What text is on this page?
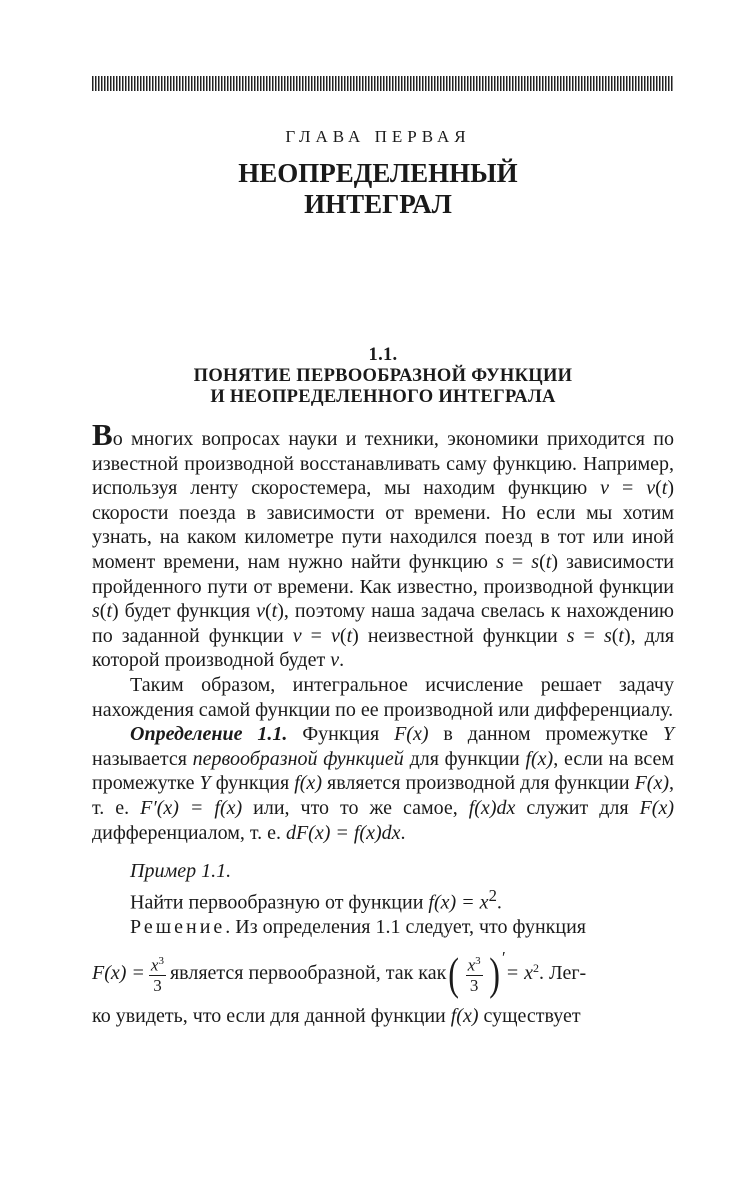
ГЛАВА ПЕРВАЯ
НЕОПРЕДЕЛЕННЫЙ
ИНТЕГРАЛ
1.1.
ПОНЯТИЕ ПЕРВООБРАЗНОЙ ФУНКЦИИ
И НЕОПРЕДЕЛЕННОГО ИНТЕГРАЛА

Во многих вопросах науки и техники, экономики приходится по известной производной восстанавливать саму функцию. Например, используя ленту скоростемера, мы находим функцию v = v(t) скорости поезда в зависимости от времени. Но если мы хотим узнать, на каком километре пути находился поезд в тот или иной момент времени, нам нужно найти функцию s = s(t) зависимости пройденного пути от времени. Как известно, производной функции s(t) будет функция v(t), поэтому наша задача свелась к нахождению по заданной функции v = v(t) неизвестной функции s = s(t), для которой производной будет v.

Таким образом, интегральное исчисление решает задачу нахождения самой функции по ее производной или дифференциалу.

Определение 1.1. Функция F(x) в данном промежутке Y называется первообразной функцией для функции f(x), если на всем промежутке Y функция f(x) является производной для функции F(x), т. е. F′(x) = f(x) или, что то же самое, f(x)dx служит для F(x) дифференциалом, т. е. dF(x) = f(x)dx.

Пример 1.1.

Найти первообразную от функции $f(x) = x^2$.

Решение. Из определения 1.1 следует, что функция

$F(x) = \frac{x^3}{3}$ является первообразной, так как ( $\frac{x^3}{3} )'$
= $x^2$ . Лег-

ко увидеть, что если для данной функции f(x) существует
